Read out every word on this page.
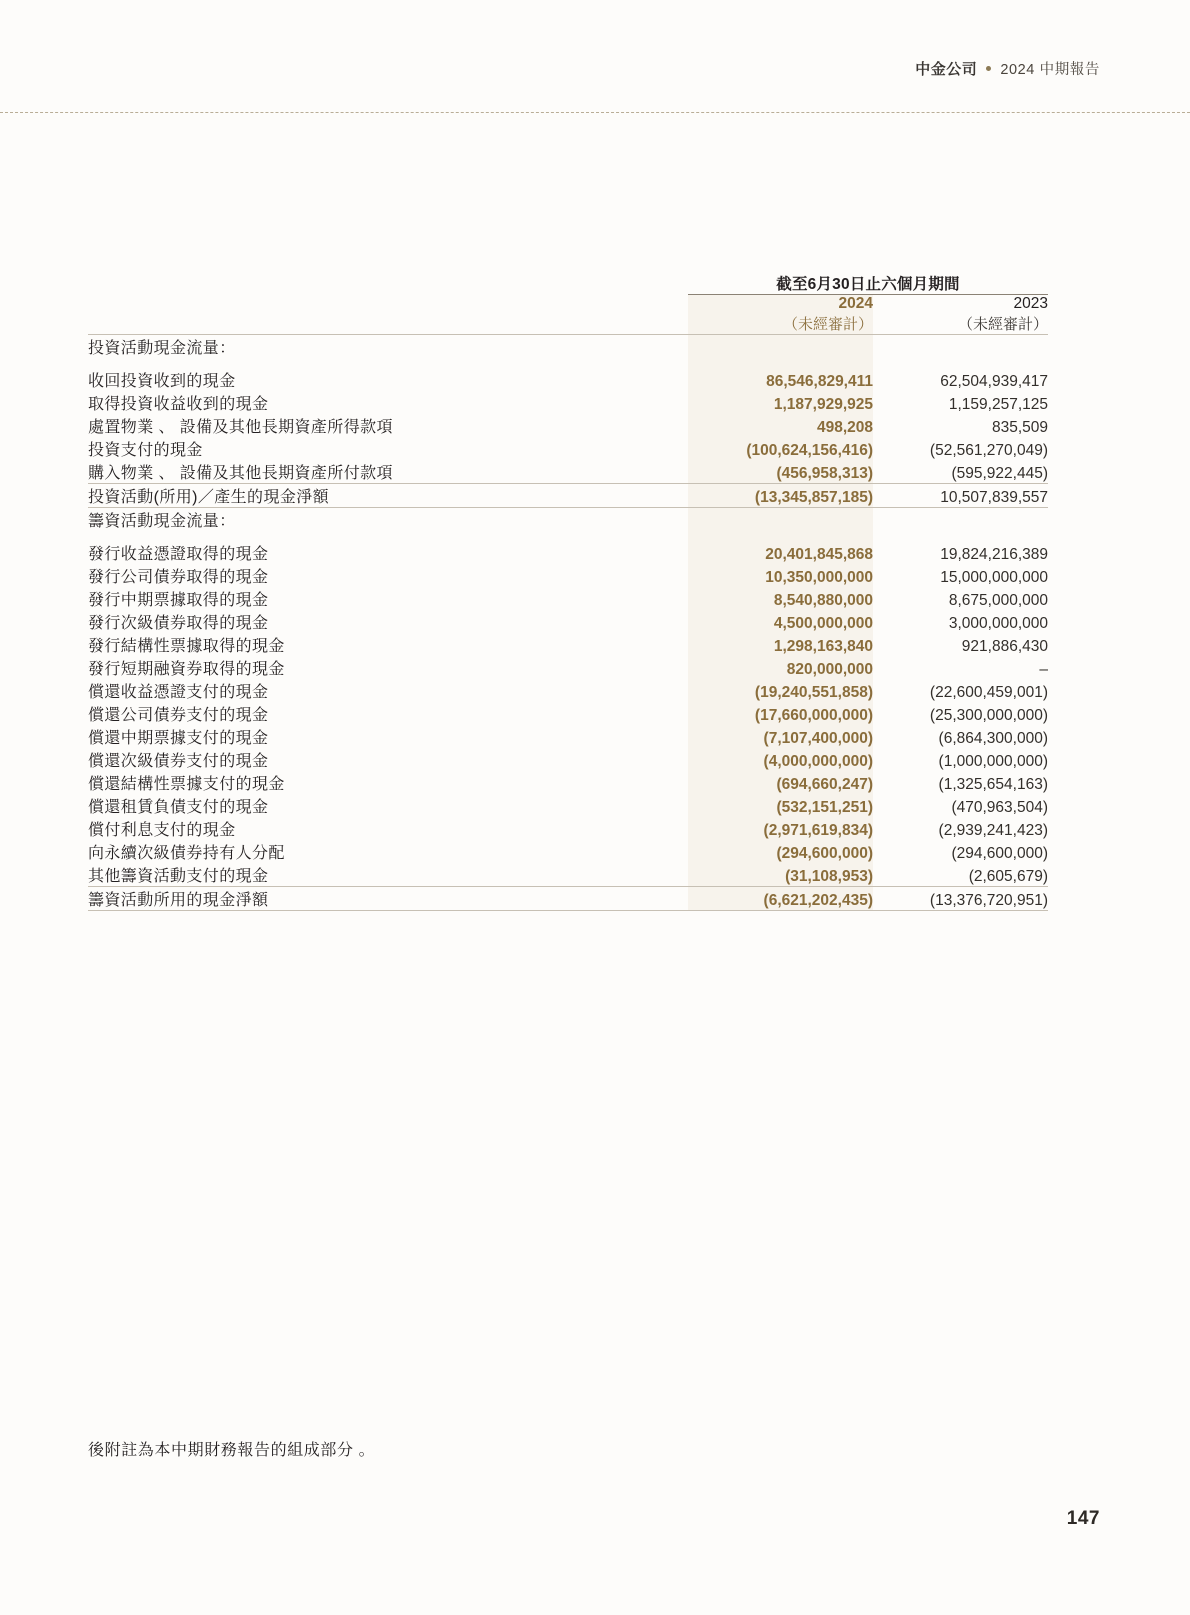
中金公司 2024 中期報告
	截至6月30日止六個月期間	
	2024	2023
	（未經審計）	（未經審計）
投資活動現金流量：		

收回投資收到的現金	86,546,829,411	62,504,939,417
取得投資收益收到的現金	1,187,929,925	1,159,257,125
處置物業 、 設備及其他長期資產所得款項	498,208	835,509
投資支付的現金	(100,624,156,416)	(52,561,270,049)
購入物業 、 設備及其他長期資產所付款項	(456,958,313)	(595,922,445)
投資活動(所用)／產生的現金淨額	(13,345,857,185)	10,507,839,557
籌資活動現金流量：		

發行收益憑證取得的現金	20,401,845,868	19,824,216,389
發行公司債券取得的現金	10,350,000,000	15,000,000,000
發行中期票據取得的現金	8,540,880,000	8,675,000,000
發行次級債券取得的現金	4,500,000,000	3,000,000,000
發行結構性票據取得的現金	1,298,163,840	921,886,430
發行短期融資券取得的現金	820,000,000	–
償還收益憑證支付的現金	(19,240,551,858)	(22,600,459,001)
償還公司債券支付的現金	(17,660,000,000)	(25,300,000,000)
償還中期票據支付的現金	(7,107,400,000)	(6,864,300,000)
償還次級債券支付的現金	(4,000,000,000)	(1,000,000,000)
償還結構性票據支付的現金	(694,660,247)	(1,325,654,163)
償還租賃負債支付的現金	(532,151,251)	(470,963,504)
償付利息支付的現金	(2,971,619,834)	(2,939,241,423)
向永續次級債券持有人分配	(294,600,000)	(294,600,000)
其他籌資活動支付的現金	(31,108,953)	(2,605,679)
籌資活動所用的現金淨額	(6,621,202,435)	(13,376,720,951)
後附註為本中期財務報告的組成部分 。
147
